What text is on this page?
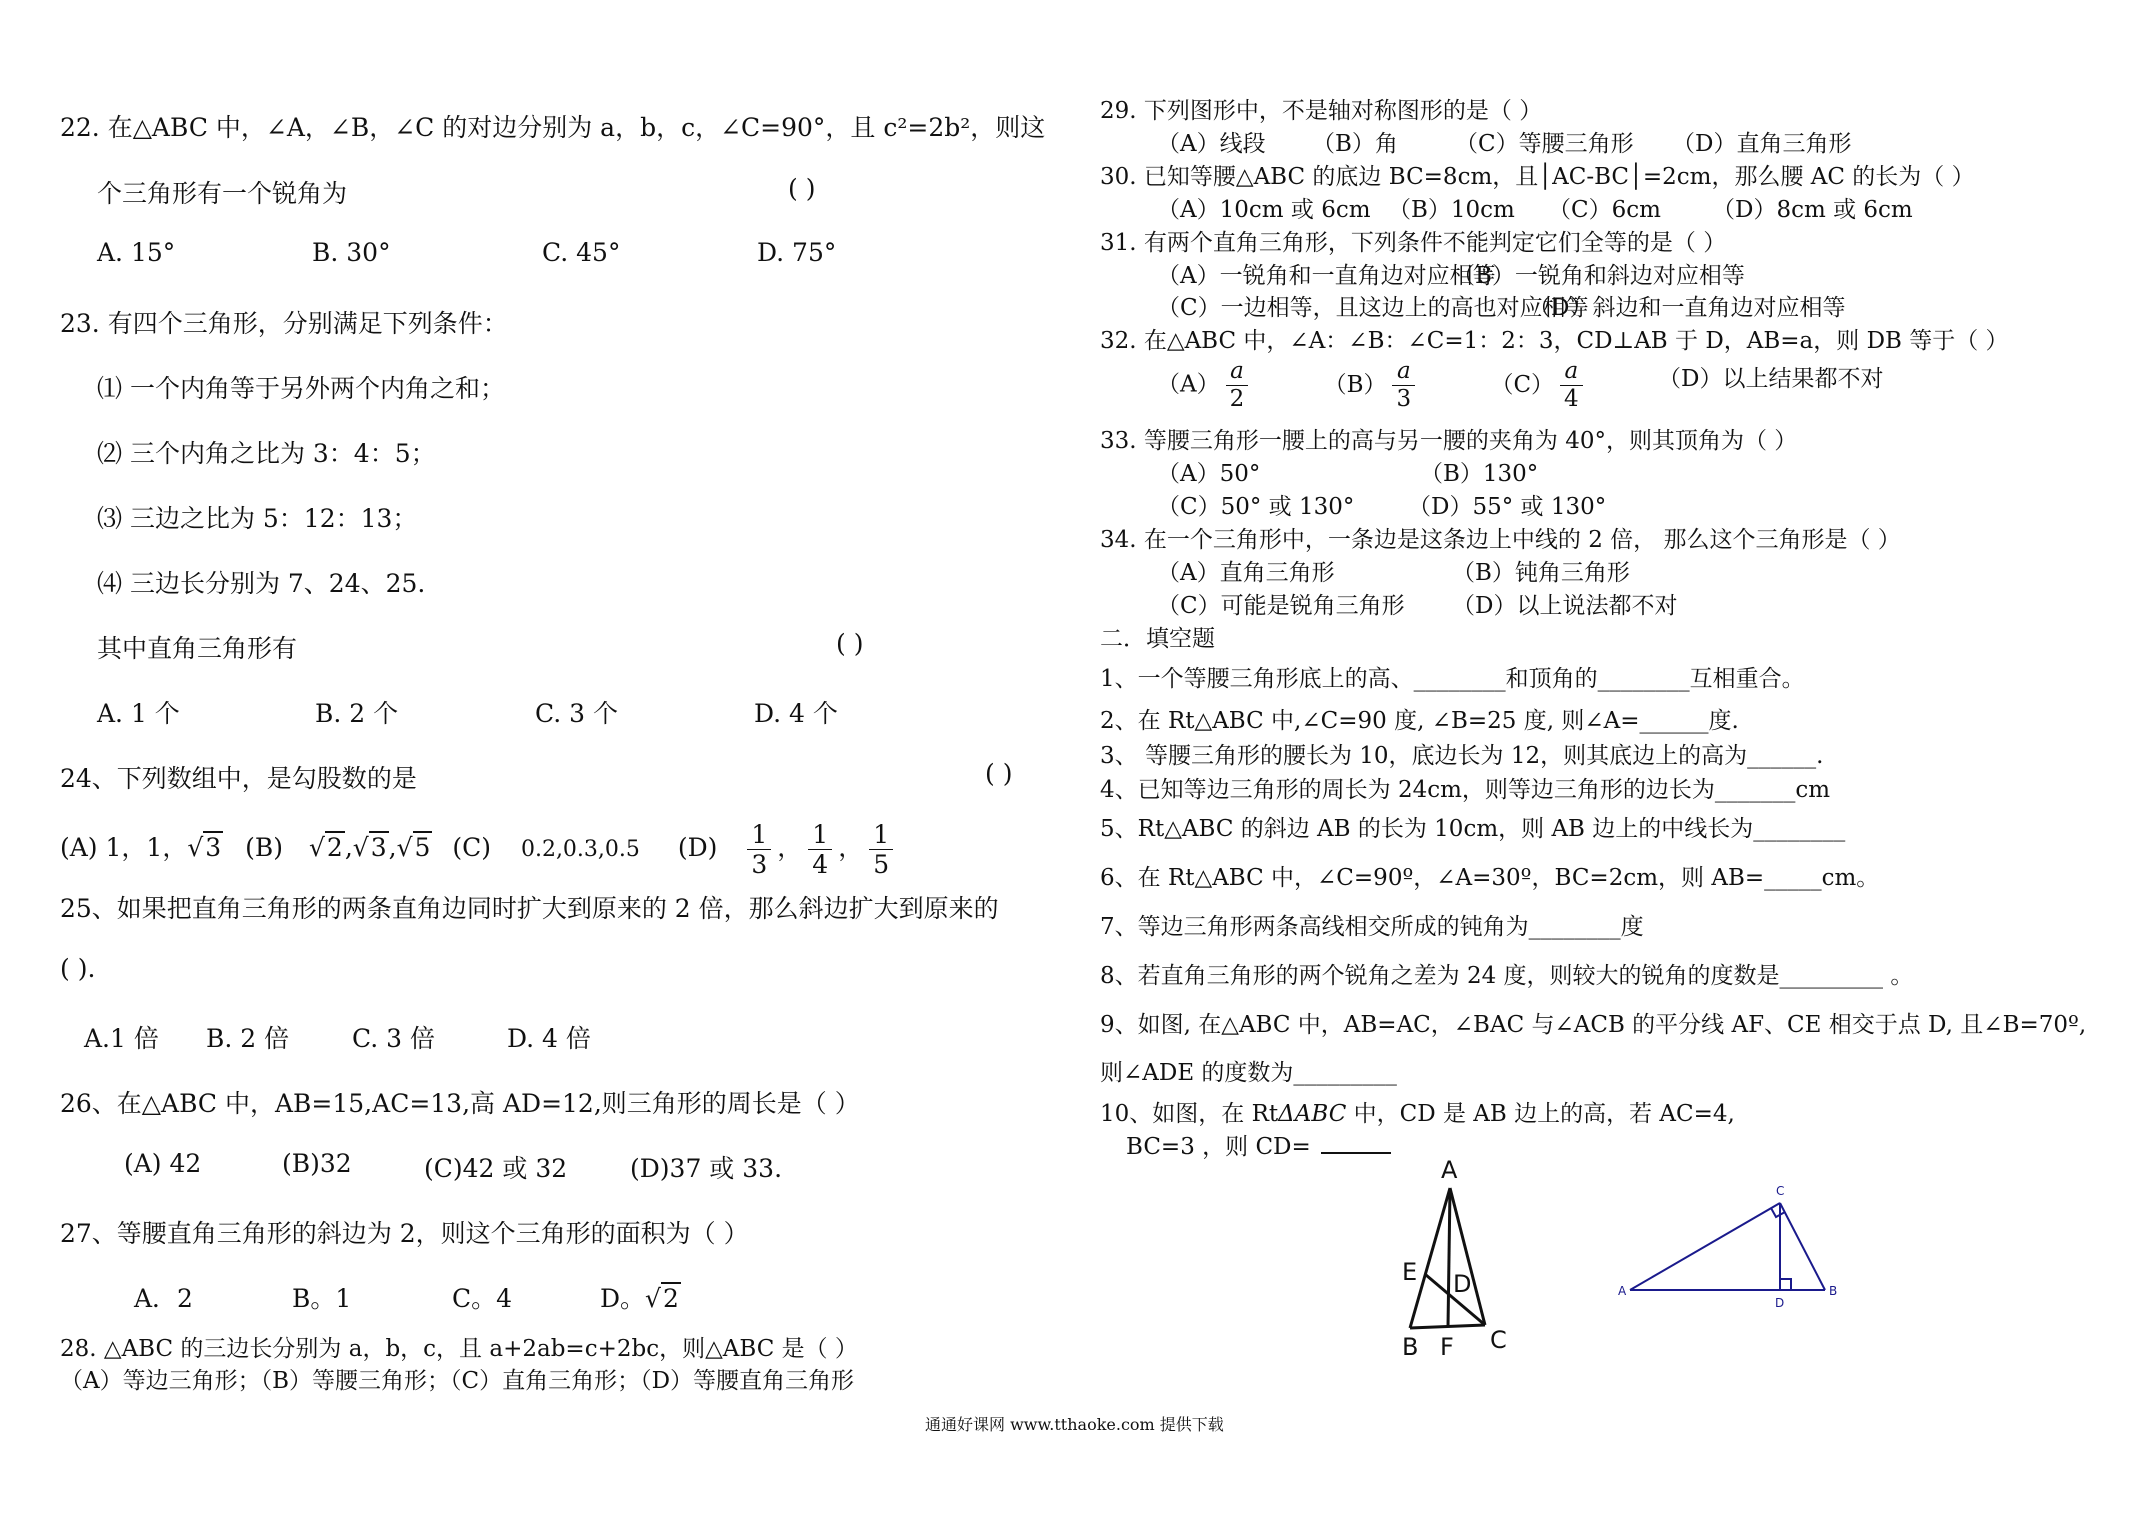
22. 在△ABC 中，∠A，∠B，∠C 的对边分别为 a，b，c，∠C=90°，且 c²=2b²，则这
个三角形有一个锐角为	( )
A. 15°	B. 30°	C. 45°	D. 75°
23. 有四个三角形，分别满足下列条件：
⑴ 一个内角等于另外两个内角之和；
⑵ 三个内角之比为 3：4：5；
⑶ 三边之比为 5：12：13；
⑷ 三边长分别为 7、24、25.
其中直角三角形有	( )
A. 1 个	B. 2 个	C. 3 个	D. 4 个
24、下列数组中，是勾股数的是	( )
(A) 1，1，√3 (B) √2,√3,√5 (C) 0.2,0.3,0.5 $(D) \frac{1}{3}$ ， $\frac{1}{4}$ ， $\frac{1}{5}$
25、如果把直角三角形的两条直角边同时扩大到原来的 2 倍，那么斜边扩大到原来的
( ).
A.1 倍 B. 2 倍	C. 3 倍	D. 4 倍
26、在△ABC 中，AB=15,AC=13,高 AD=12,则三角形的周长是（ ）
(A) 42	(B)32	(C)42 或 32	(D)37 或 33.
27、等腰直角三角形的斜边为 2，则这个三角形的面积为（ ）
A．2	B。1	C。4	D。√2
28. △ABC 的三边长分别为 a，b，c，且 a+2ab=c+2bc，则△ABC 是（ ）
（A）等边三角形；（B）等腰三角形；（C）直角三角形；（D）等腰直角三角形
29. 下列图形中，不是轴对称图形的是（ ）
（A）线段 （B）角 （C）等腰三角形 （D）直角三角形
30. 已知等腰△ABC 的底边 BC=8cm，且│AC-BC│=2cm，那么腰 AC 的长为（ ）
（A）10cm 或 6cm （B）10cm （C）6cm （D）8cm 或 6cm
31. 有两个直角三角形，下列条件不能判定它们全等的是（ ）
（A）一锐角和一直角边对应相等
（B）一锐角和斜边对应相等
（C）一边相等，且这边上的高也对应相等
（D）斜边和一直角边对应相等
32. 在△ABC 中，∠A：∠B：∠C=1：2：3，CD⊥AB 于 D，AB=a，则 DB 等于（ ）
$(A) \frac{a}{2}$	$(B) \frac{a}{3}$	$(C) \frac{a}{4}$	（D）以上结果都不对
33. 等腰三角形一腰上的高与另一腰的夹角为 40°，则其顶角为（ ）
（A）50°	（B）130°
（C）50° 或 130° （D）55° 或 130°
34. 在一个三角形中，一条边是这条边上中线的 2 倍， 那么这个三角形是（ ）
（A）直角三角形	（B）钝角三角形
（C）可能是锐角三角形 （D）以上说法都不对
二．填空题
1、一个等腰三角形底上的高、________和顶角的________互相重合。
2、在 Rt△ABC 中,∠C=90 度, ∠B=25 度, 则∠A=______度.
3、 等腰三角形的腰长为 10，底边长为 12，则其底边上的高为______.
4、已知等边三角形的周长为 24cm，则等边三角形的边长为_______cm
5、Rt△ABC 的斜边 AB 的长为 10cm，则 AB 边上的中线长为________
6、在 Rt△ABC 中，∠C=90º，∠A=30º，BC=2cm，则 AB=_____cm。
7、等边三角形两条高线相交所成的钝角为________度
8、若直角三角形的两个锐角之差为 24 度，则较大的锐角的度数是_________ 。
9、如图, 在△ABC 中，AB=AC，∠BAC 与∠ACB 的平分线 AF、CE 相交于点 D, 且∠B=70º,
则∠ADE 的度数为_________
10、如图，在 RtΔABC 中，CD 是 AB 边上的高，若 AC=4,
BC=3 ，则 CD=
A
E D
B F C
C
A
D
B
通通好课网 www.tthaoke.com 提供下载
